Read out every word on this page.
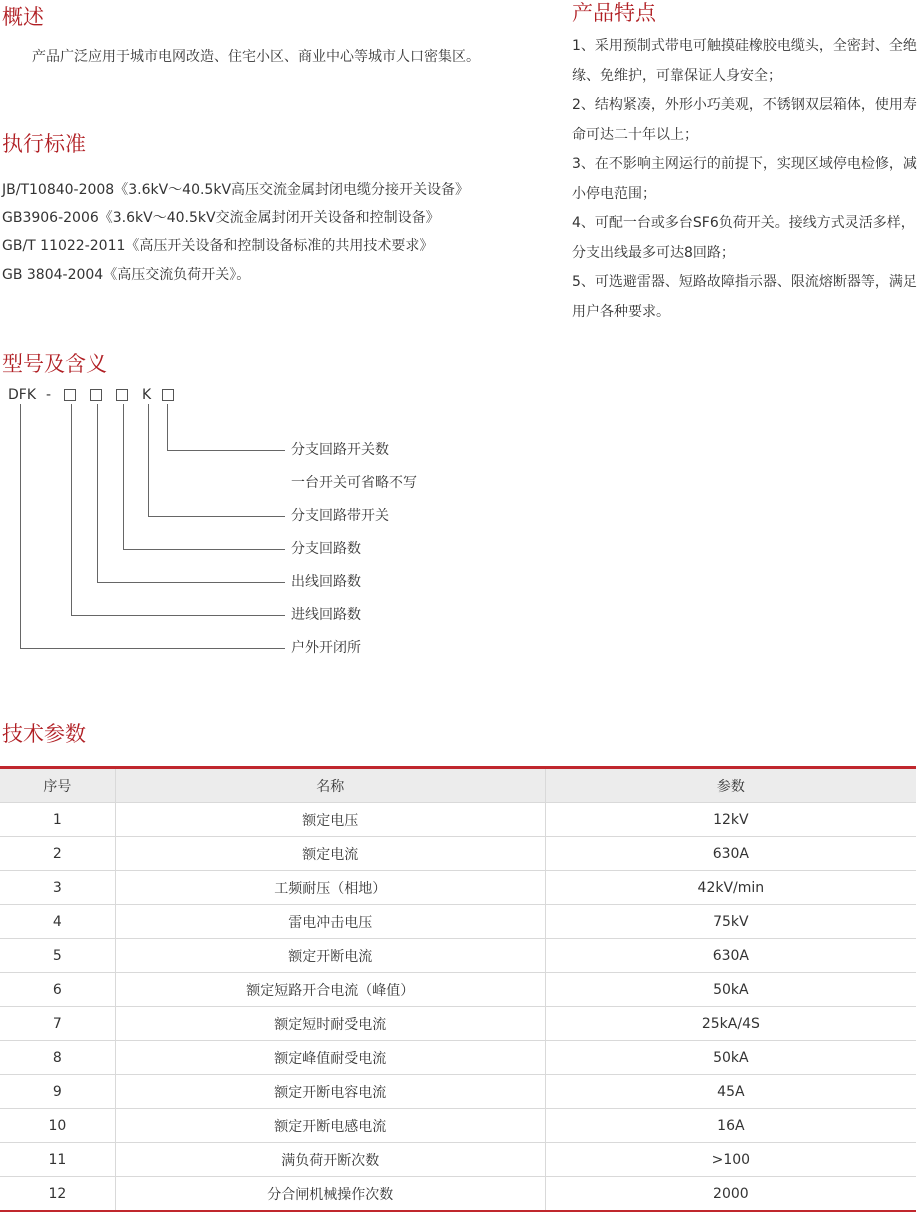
概述
产品广泛应用于城市电网改造、住宅小区、商业中心等城市人口密集区。
产品特点

1、采用预制式带电可触摸硅橡胶电缆头，全密封、全绝缘、免维护，可靠保证人身安全；

2、结构紧凑，外形小巧美观，不锈钢双层箱体，使用寿命可达二十年以上；

3、在不影响主网运行的前提下，实现区域停电检修，减小停电范围；

4、可配一台或多台SF6负荷开关。接线方式灵活多样，分支出线最多可达8回路；

5、可选避雷器、短路故障指示器、限流熔断器等，满足用户各种要求。

执行标准
JB/T10840-2008《3.6kV～40.5kV高压交流金属封闭电缆分接开关设备》
GB3906-2006《3.6kV～40.5kV交流金属封闭开关设备和控制设备》
GB/T 11022-2011《高压开关设备和控制设备标准的共用技术要求》
GB 3804-2004《高压交流负荷开关》。
型号及含义
DFK -	K
分支回路开关数
一台开关可省略不写
分支回路带开关
分支回路数
出线回路数
进线回路数
户外开闭所
技术参数
序号	名称	参数
1	额定电压	12kV
2	额定电流	630A
3	工频耐压（相地）	42kV/min
4	雷电冲击电压	75kV
5	额定开断电流	630A
6	额定短路开合电流（峰值）	50kA
7	额定短时耐受电流	25kA/4S
8	额定峰值耐受电流	50kA
9	额定开断电容电流	45A
10	额定开断电感电流	16A
11	满负荷开断次数	>100
12	分合闸机械操作次数	2000
